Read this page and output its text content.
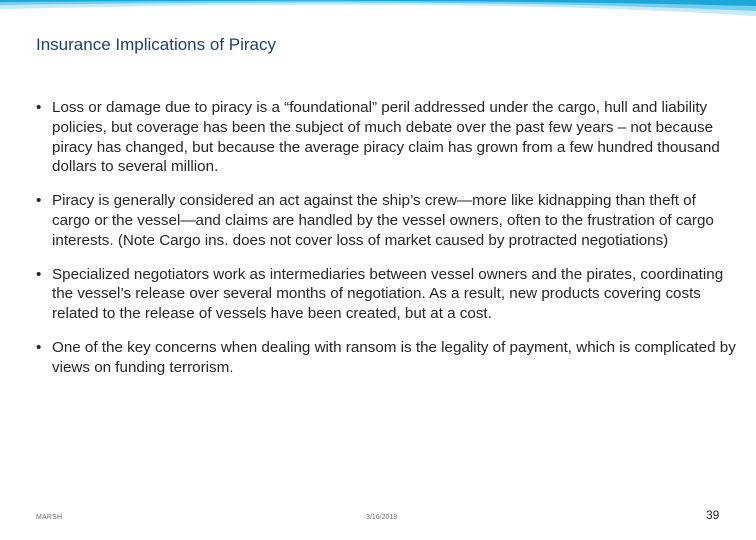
Insurance Implications of Piracy
• Loss or damage due to piracy is a “foundational” peril addressed under the cargo, hull and liability policies, but coverage has been the subject of much debate over the past few years – not because piracy has changed, but because the average piracy claim has grown from a few hundred thousand dollars to several million.
• Piracy is generally considered an act against the ship’s crew—more like kidnapping than theft of cargo or the vessel—and claims are handled by the vessel owners, often to the frustration of cargo interests. (Note Cargo ins. does not cover loss of market caused by protracted negotiations)
• Specialized negotiators work as intermediaries between vessel owners and the pirates, coordinating the vessel’s release over several months of negotiation. As a result, new products covering costs related to the release of vessels have been created, but at a cost.
• One of the key concerns when dealing with ransom is the legality of payment, which is complicated by views on funding terrorism.
MARSH	3/16/2018	39
